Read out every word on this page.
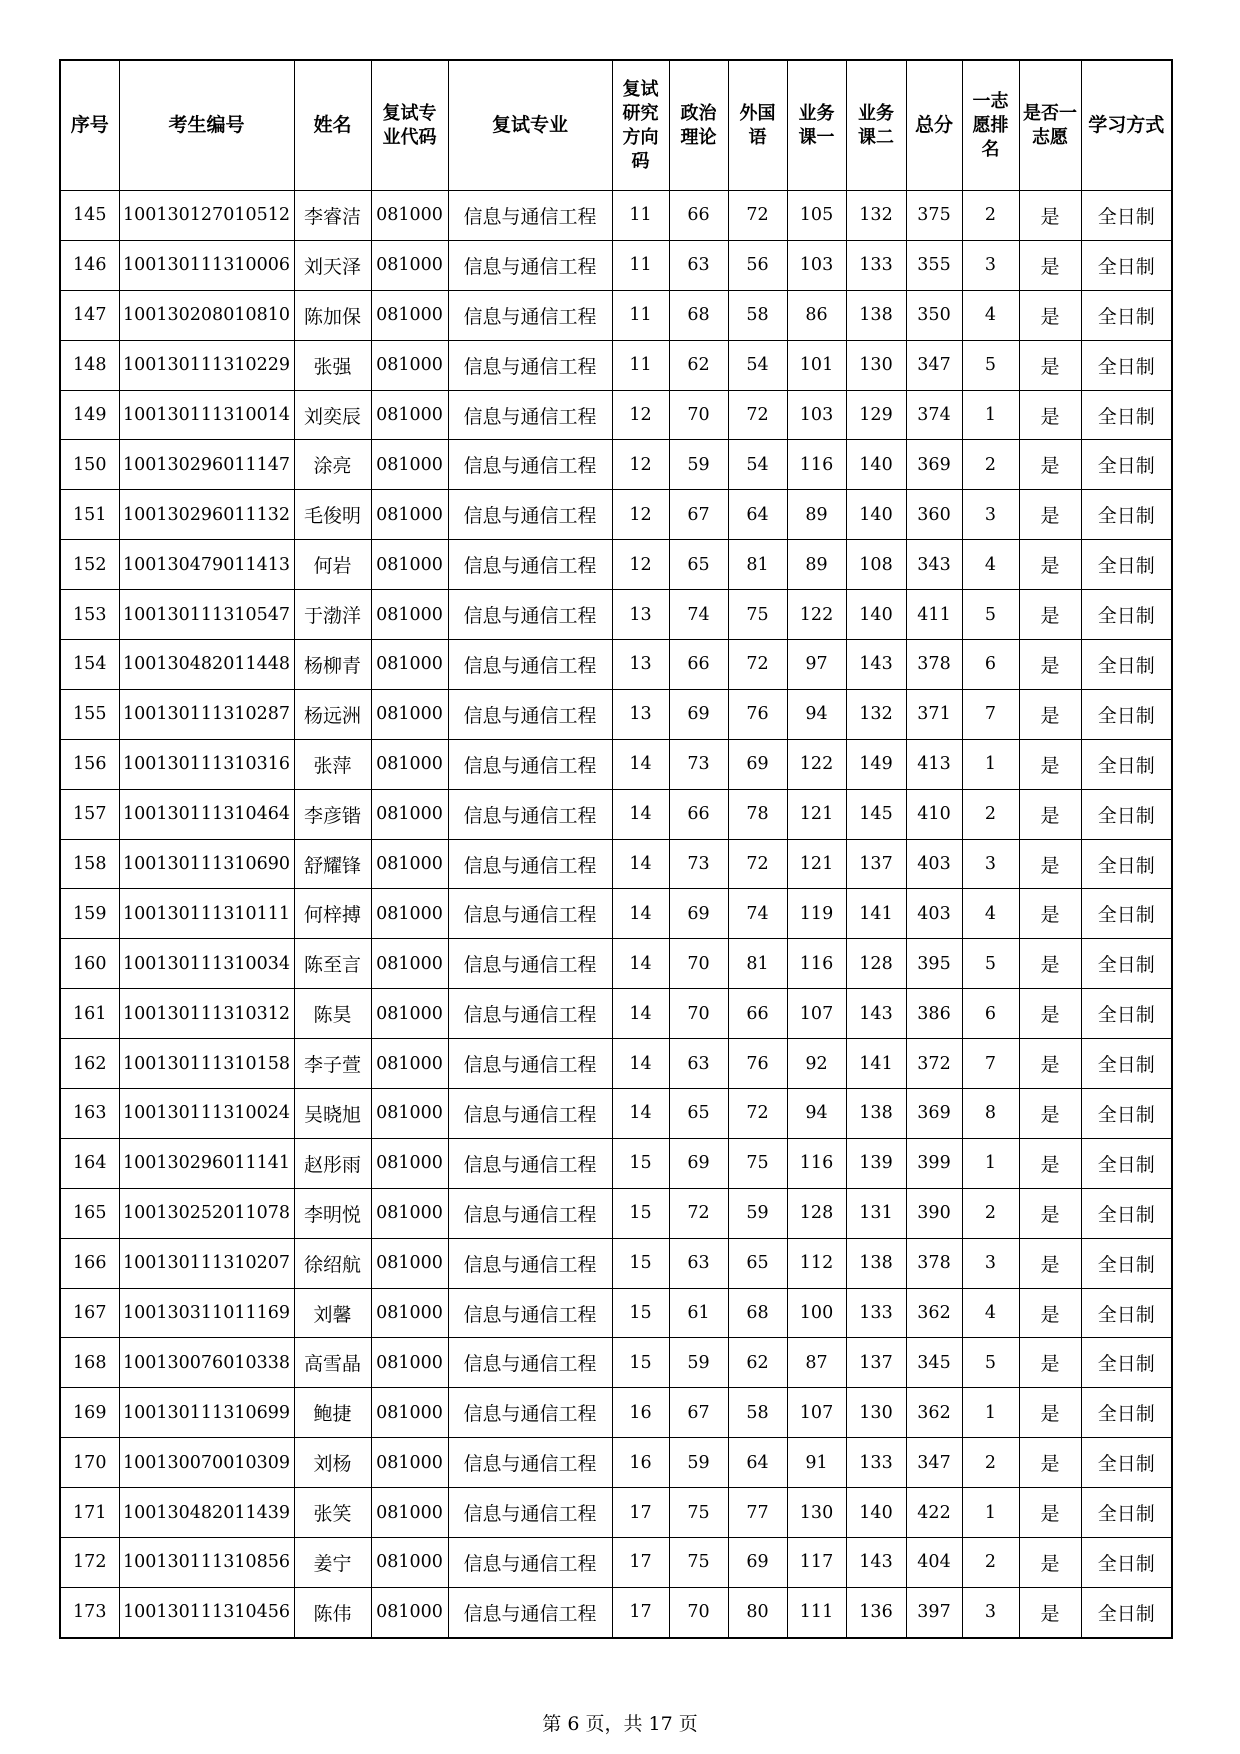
序号	考生编号	姓名	复试专业代码	复试专业	复试研究方向码	政治理论	外国语	业务课一	业务课二	总分	一志愿排名	是否一志愿	学习方式
145	100130127010512	李睿洁	081000	信息与通信工程	11	66	72	105	132	375	2	是	全日制
146	100130111310006	刘天泽	081000	信息与通信工程	11	63	56	103	133	355	3	是	全日制
147	100130208010810	陈加保	081000	信息与通信工程	11	68	58	86	138	350	4	是	全日制
148	100130111310229	张强	081000	信息与通信工程	11	62	54	101	130	347	5	是	全日制
149	100130111310014	刘奕辰	081000	信息与通信工程	12	70	72	103	129	374	1	是	全日制
150	100130296011147	涂亮	081000	信息与通信工程	12	59	54	116	140	369	2	是	全日制
151	100130296011132	毛俊明	081000	信息与通信工程	12	67	64	89	140	360	3	是	全日制
152	100130479011413	何岩	081000	信息与通信工程	12	65	81	89	108	343	4	是	全日制
153	100130111310547	于渤洋	081000	信息与通信工程	13	74	75	122	140	411	5	是	全日制
154	100130482011448	杨柳青	081000	信息与通信工程	13	66	72	97	143	378	6	是	全日制
155	100130111310287	杨远洲	081000	信息与通信工程	13	69	76	94	132	371	7	是	全日制
156	100130111310316	张萍	081000	信息与通信工程	14	73	69	122	149	413	1	是	全日制
157	100130111310464	李彦锴	081000	信息与通信工程	14	66	78	121	145	410	2	是	全日制
158	100130111310690	舒耀锋	081000	信息与通信工程	14	73	72	121	137	403	3	是	全日制
159	100130111310111	何梓搏	081000	信息与通信工程	14	69	74	119	141	403	4	是	全日制
160	100130111310034	陈至言	081000	信息与通信工程	14	70	81	116	128	395	5	是	全日制
161	100130111310312	陈昊	081000	信息与通信工程	14	70	66	107	143	386	6	是	全日制
162	100130111310158	李子萱	081000	信息与通信工程	14	63	76	92	141	372	7	是	全日制
163	100130111310024	吴晓旭	081000	信息与通信工程	14	65	72	94	138	369	8	是	全日制
164	100130296011141	赵彤雨	081000	信息与通信工程	15	69	75	116	139	399	1	是	全日制
165	100130252011078	李明悦	081000	信息与通信工程	15	72	59	128	131	390	2	是	全日制
166	100130111310207	徐绍航	081000	信息与通信工程	15	63	65	112	138	378	3	是	全日制
167	100130311011169	刘馨	081000	信息与通信工程	15	61	68	100	133	362	4	是	全日制
168	100130076010338	高雪晶	081000	信息与通信工程	15	59	62	87	137	345	5	是	全日制
169	100130111310699	鲍捷	081000	信息与通信工程	16	67	58	107	130	362	1	是	全日制
170	100130070010309	刘杨	081000	信息与通信工程	16	59	64	91	133	347	2	是	全日制
171	100130482011439	张笑	081000	信息与通信工程	17	75	77	130	140	422	1	是	全日制
172	100130111310856	姜宁	081000	信息与通信工程	17	75	69	117	143	404	2	是	全日制
173	100130111310456	陈伟	081000	信息与通信工程	17	70	80	111	136	397	3	是	全日制
第 6 页，共 17 页
